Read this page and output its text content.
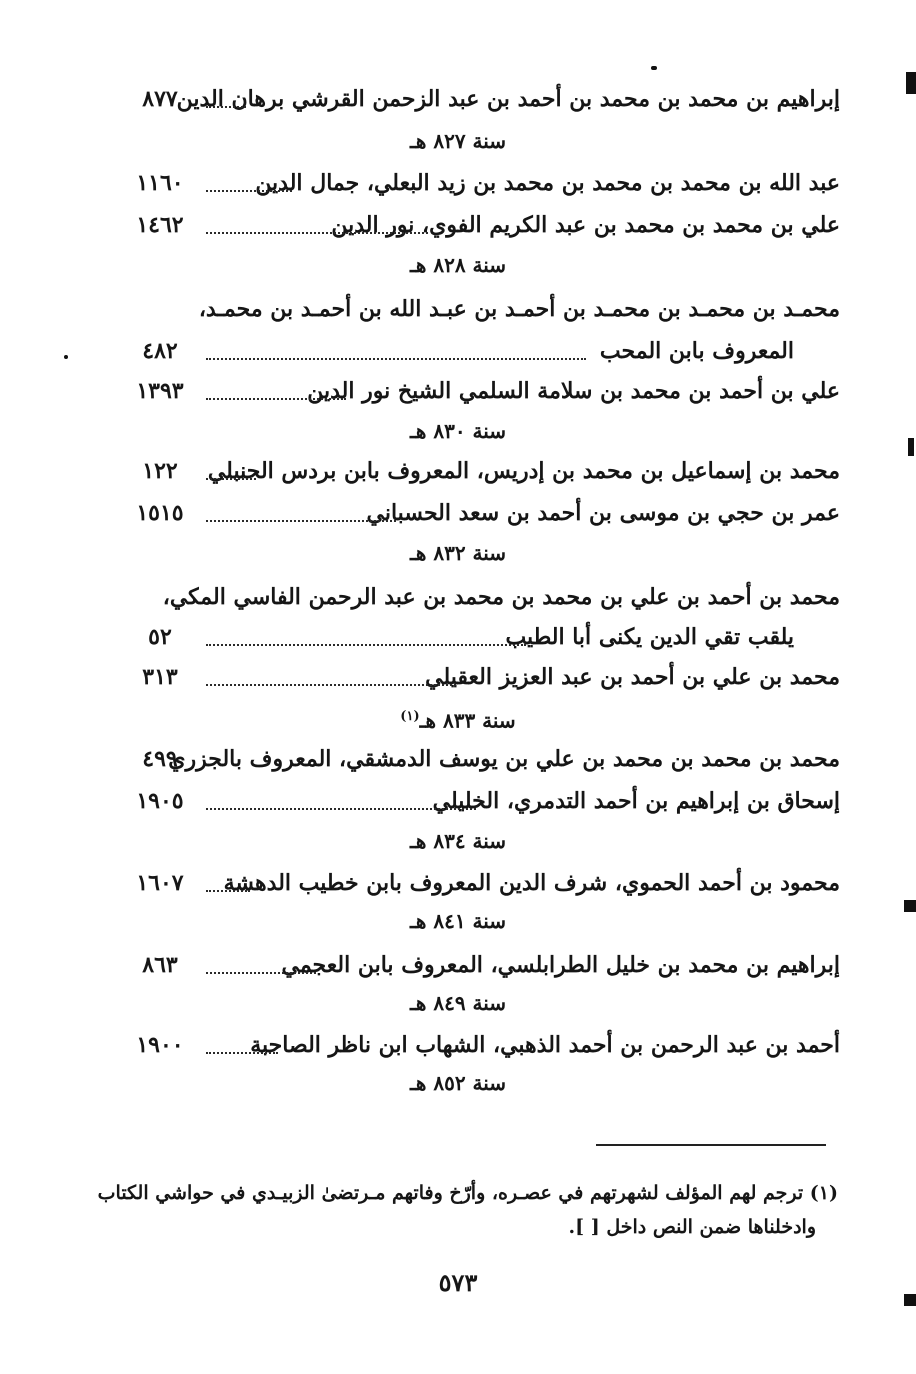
إبراهيم بن محمد بن محمد بن أحمد بن عبد الزحمن القرشي برهان الدين
٨٧٧
سنة ٨٢٧ هـ
عبد الله بن محمد بن محمد بن محمد بن زيد البعلي، جمال الدين
١١٦٠
علي بن محمد بن محمد بن عبد الكريم الفوي، نور الدين
١٤٦٢
سنة ٨٢٨ هـ
محمـد بن محمـد بن محمـد بن أحمـد بن عبـد الله بن أحمـد بن محمـد،
المعروف بابن المحب
٤٨٢
علي بن أحمد بن محمد بن سلامة السلمي الشيخ نور الدين
١٣٩٣
سنة ٨٣٠ هـ
محمد بن إسماعيل بن محمد بن إدريس، المعروف بابن بردس الحنبلي
١٢٢
عمر بن حجي بن موسى بن أحمد بن سعد الحسباني
١٥١٥
سنة ٨٣٢ هـ
محمد بن أحمد بن علي بن محمد بن محمد بن عبد الرحمن الفاسي المكي،
يلقب تقي الدين يكنى أبا الطيب
٥٢
محمد بن علي بن أحمد بن عبد العزيز العقيلي
٣١٣
سنة ٨٣٣ هـ$^{(١)}$
محمد بن محمد بن محمد بن علي بن يوسف الدمشقي، المعروف بالجزري
٤٩٩
إسحاق بن إبراهيم بن أحمد التدمري، الخليلي
١٩٠٥
سنة ٨٣٤ هـ
محمود بن أحمد الحموي، شرف الدين المعروف بابن خطيب الدهشة
١٦٠٧
سنة ٨٤١ هـ
إبراهيم بن محمد بن خليل الطرابلسي، المعروف بابن العجمي
٨٦٣
سنة ٨٤٩ هـ
أحمد بن عبد الرحمن بن أحمد الذهبي، الشهاب ابن ناظر الصاحبة
١٩٠٠
سنة ٨٥٢ هـ
(١) ترجم لهم المؤلف لشهرتهم في عصـره، وأرّخ وفاتهم مـرتضىٰ الزبيـدي في حواشي الكتاب
وادخلناها ضمن النص داخل [ ].
٥٧٣
